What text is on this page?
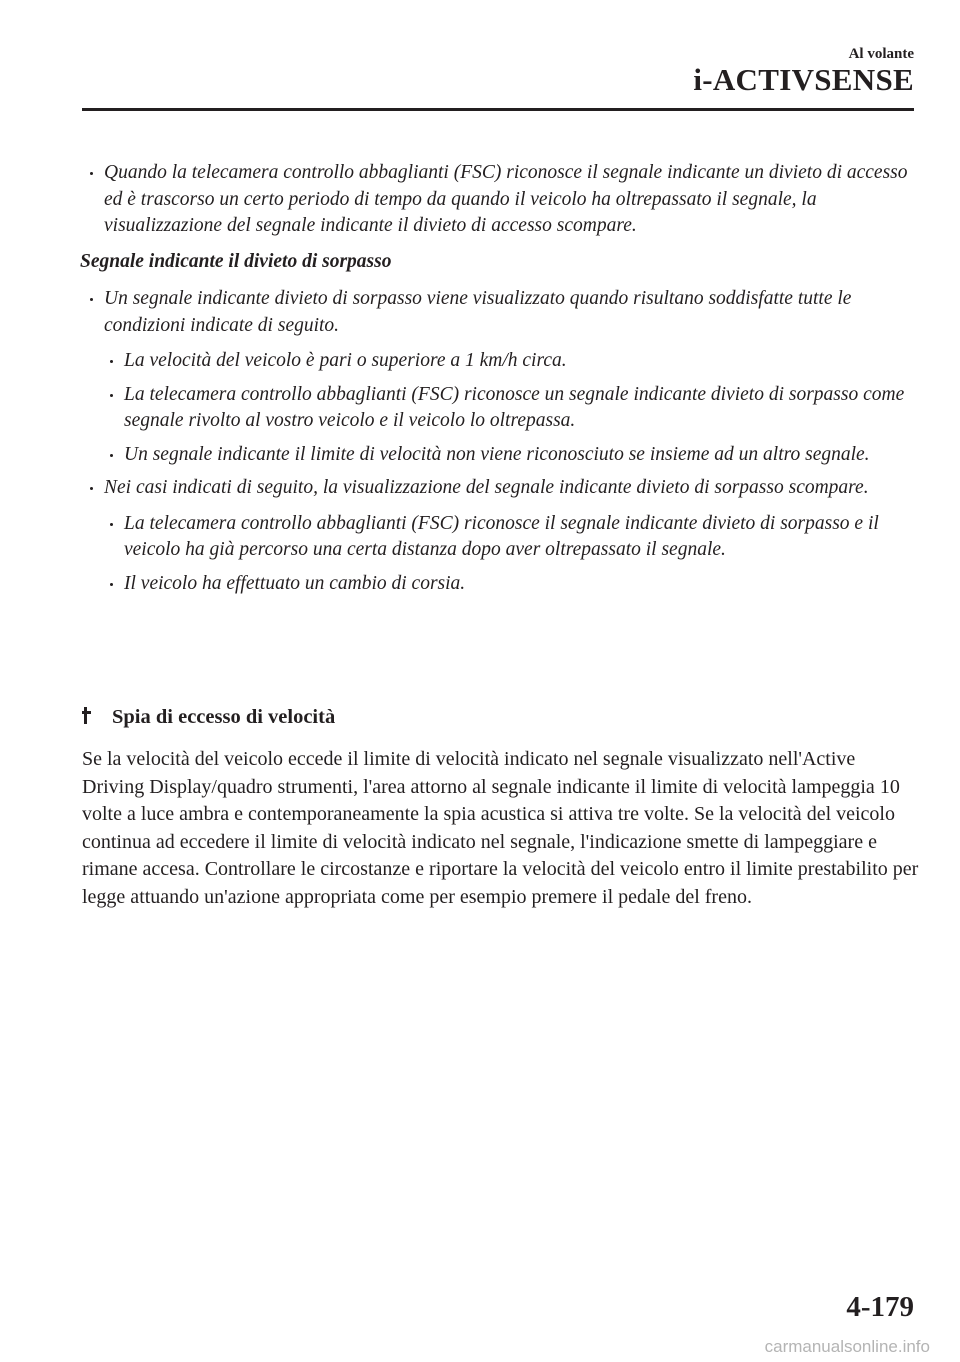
Al volante
i-ACTIVSENSE
Quando la telecamera controllo abbaglianti (FSC) riconosce il segnale indicante un divieto di accesso ed è trascorso un certo periodo di tempo da quando il veicolo ha oltrepassato il segnale, la visualizzazione del segnale indicante il divieto di accesso scompare.
Segnale indicante il divieto di sorpasso
Un segnale indicante divieto di sorpasso viene visualizzato quando risultano soddisfatte tutte le condizioni indicate di seguito.
La velocità del veicolo è pari o superiore a 1 km/h circa.
La telecamera controllo abbaglianti (FSC) riconosce un segnale indicante divieto di sorpasso come segnale rivolto al vostro veicolo e il veicolo lo oltrepassa.
Un segnale indicante il limite di velocità non viene riconosciuto se insieme ad un altro segnale.
Nei casi indicati di seguito, la visualizzazione del segnale indicante divieto di sorpasso scompare.
La telecamera controllo abbaglianti (FSC) riconosce il segnale indicante divieto di sorpasso e il veicolo ha già percorso una certa distanza dopo aver oltrepassato il segnale.
Il veicolo ha effettuato un cambio di corsia.
Spia di eccesso di velocità
Se la velocità del veicolo eccede il limite di velocità indicato nel segnale visualizzato nell'Active Driving Display/quadro strumenti, l'area attorno al segnale indicante il limite di velocità lampeggia 10 volte a luce ambra e contemporaneamente la spia acustica si attiva tre volte. Se la velocità del veicolo continua ad eccedere il limite di velocità indicato nel segnale, l'indicazione smette di lampeggiare e rimane accesa. Controllare le circostanze e riportare la velocità del veicolo entro il limite prestabilito per legge attuando un'azione appropriata come per esempio premere il pedale del freno.
4-179
carmanualsonline.info
